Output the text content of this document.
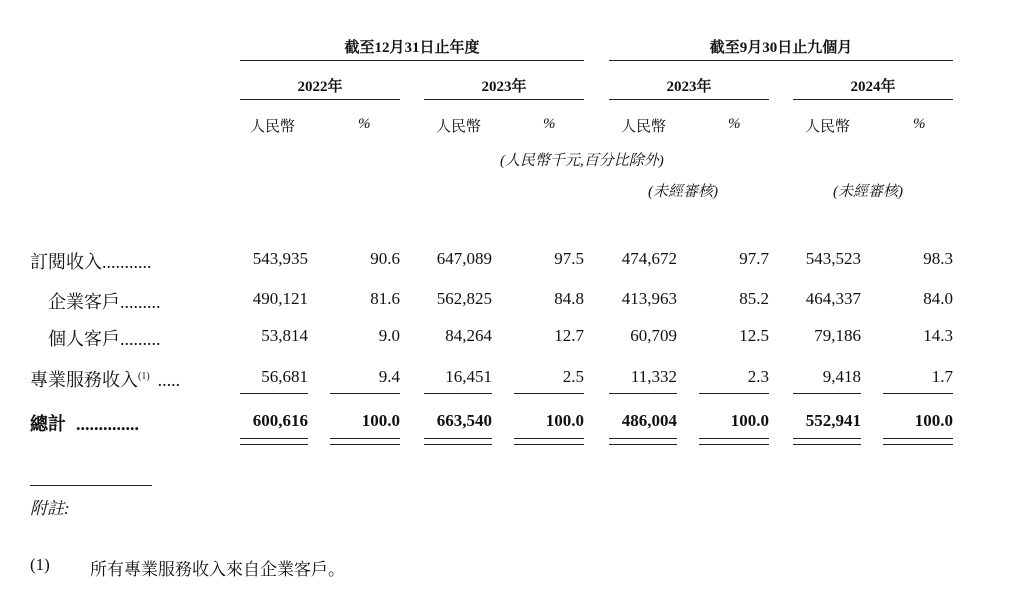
截至12月31日止年度	截至9月30日止九個月
2022年	2023年	2023年	2024年
人民幣	%	人民幣	%	人民幣	%	人民幣	%
(人民幣千元,百分比除外)
(未經審核)	(未經審核)
訂閱收入...........	543,935	90.6	647,089	97.5	474,672	97.7	543,523	98.3
企業客戶.........	490,121	81.6	562,825	84.8	413,963	85.2	464,337	84.0
個人客戶.........	53,814	9.0	84,264	12.7	60,709	12.5	79,186	14.3
專業服務收入$^{(1)}$ .....	56,681	9.4	16,451	2.5	11,332	2.3	9,418	1.7
總計 ..............	600,616	100.0	663,540	100.0	486,004	100.0	552,941	100.0
附註:
(1) 所有專業服務收入來自企業客戶。
